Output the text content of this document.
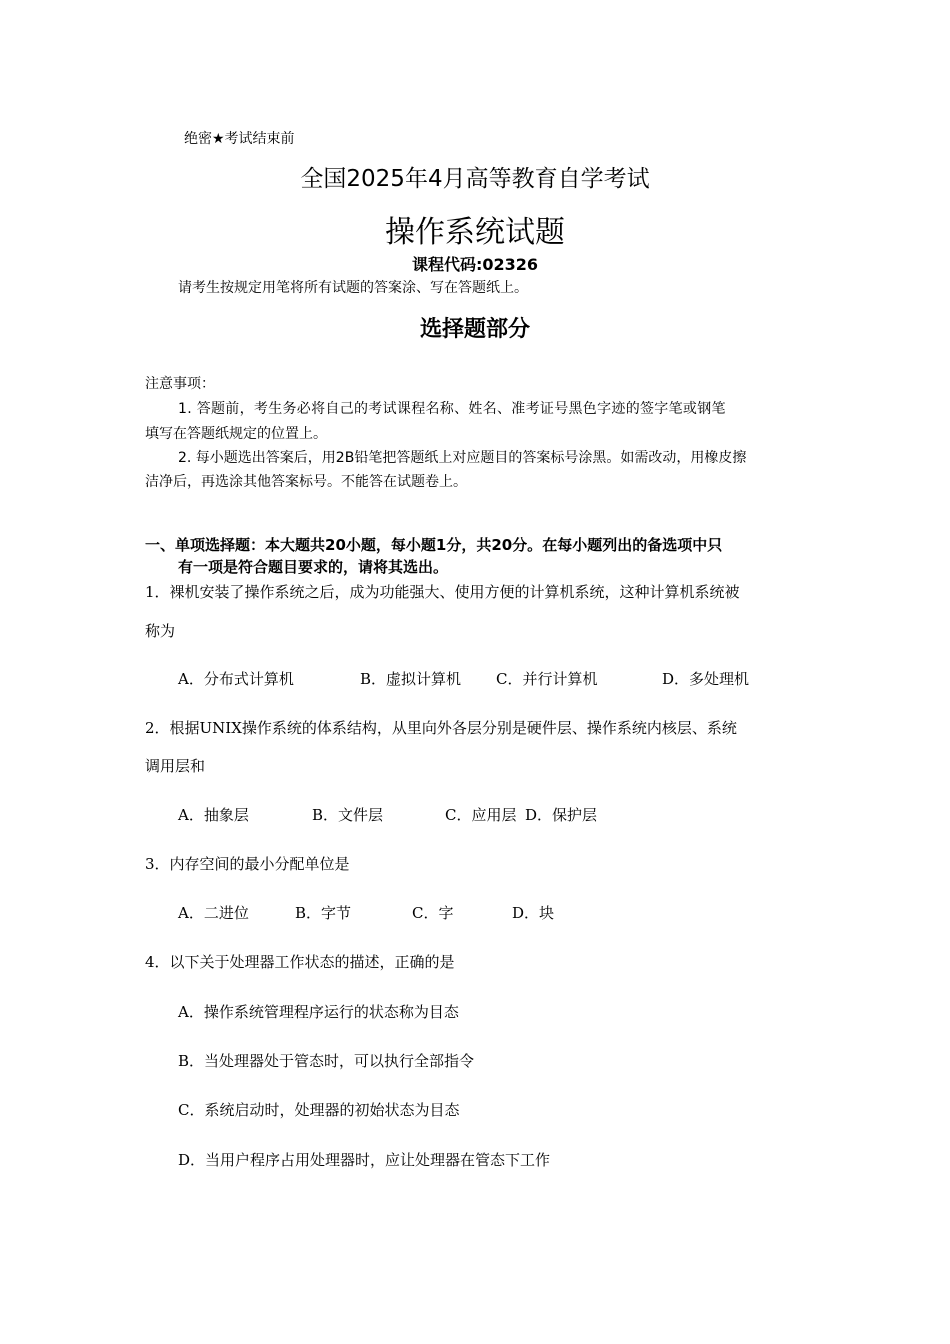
绝密★考试结束前
全国2025年4月高等教育自学考试
操作系统试题
课程代码:02326
请考生按规定用笔将所有试题的答案涂、写在答题纸上。
选择题部分
注意事项：
1. 答题前，考生务必将自己的考试课程名称、姓名、准考证号黑色字迹的签字笔或钢笔
填写在答题纸规定的位置上。
2. 每小题选出答案后，用2B铅笔把答题纸上对应题目的答案标号涂黑。如需改动，用橡皮擦
洁净后，再选涂其他答案标号。不能答在试题卷上。
一、单项选择题：本大题共20小题，每小题1分，共20分。在每小题列出的备选项中只
有一项是符合题目要求的，请将其选出。
1．裸机安装了操作系统之后，成为功能强大、使用方便的计算机系统，这种计算机系统被
称为
A．分布式计算机	B．虚拟计算机 C．并行计算机	D．多处理机
2．根据UNIX操作系统的体系结构，从里向外各层分别是硬件层、操作系统内核层、系统
调用层和
A．抽象层	B．文件层	C．应用层 D．保护层
3．内存空间的最小分配单位是
A．二进位	B．字节	C．字	D．块
4．以下关于处理器工作状态的描述，正确的是
A．操作系统管理程序运行的状态称为目态
B．当处理器处于管态时，可以执行全部指令
C．系统启动时，处理器的初始状态为目态
D．当用户程序占用处理器时，应让处理器在管态下工作
